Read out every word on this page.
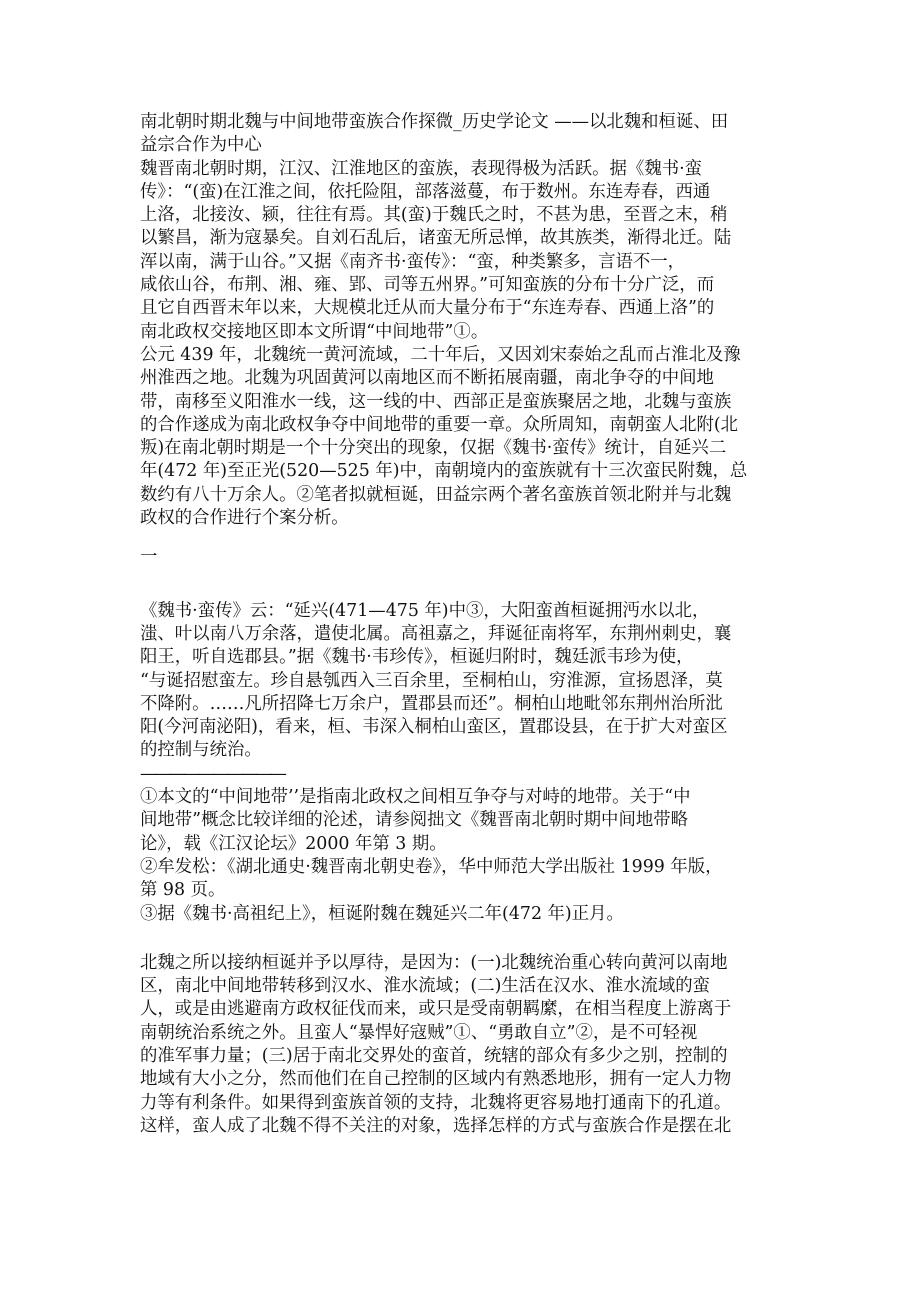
南北朝时期北魏与中间地带蛮族合作探微_历史学论文 ——以北魏和桓诞、田
益宗合作为中心
魏晋南北朝时期，江汉、江淮地区的蛮族，表现得极为活跃。据《魏书·蛮
传》：“(蛮)在江淮之间，依托险阻，部落滋蔓，布于数州。东连寿春，西通
上洛，北接汝、颍，往往有焉。其(蛮)于魏氏之时，不甚为患，至晋之末，稍
以繁昌，渐为寇暴矣。自刘石乱后，诸蛮无所忌惮，故其族类，渐得北迁。陆
浑以南，满于山谷。”又据《南齐书·蛮传》：“蛮，种类繁多，言语不一，
咸依山谷，布荆、湘、雍、郢、司等五州界。”可知蛮族的分布十分广泛，而
且它自西晋末年以来，大规模北迁从而大量分布于“东连寿春、西通上洛”的
南北政权交接地区即本文所谓“中间地带”①。
公元 439 年，北魏统一黄河流域，二十年后，又因刘宋泰始之乱而占淮北及豫
州淮西之地。北魏为巩固黄河以南地区而不断拓展南疆，南北争夺的中间地
带，南移至义阳淮水一线，这一线的中、西部正是蛮族聚居之地，北魏与蛮族
的合作遂成为南北政权争夺中间地带的重要一章。众所周知，南朝蛮人北附(北
叛)在南北朝时期是一个十分突出的现象，仅据《魏书·蛮传》统计，自延兴二
年(472 年)至正光(520—525 年)中，南朝境内的蛮族就有十三次蛮民附魏，总
数约有八十万余人。②笔者拟就桓诞，田益宗两个著名蛮族首领北附并与北魏
政权的合作进行个案分析。
一
《魏书·蛮传》云：“延兴(471—475 年)中③，大阳蛮酋桓诞拥沔水以北，
滍、叶以南八万余落，遣使北属。高祖嘉之，拜诞征南将军，东荆州刺史，襄
阳王，听自选郡县。”据《魏书·韦珍传》，桓诞归附时，魏廷派韦珍为使，
“与诞招慰蛮左。珍自悬瓠西入三百余里，至桐柏山，穷淮源，宣扬恩泽，莫
不降附。……凡所招降七万余户，置郡县而还”。桐柏山地毗邻东荆州治所沘
阳(今河南泌阳)，看来，桓、韦深入桐柏山蛮区，置郡设县，在于扩大对蛮区
的控制与统治。
——————————
①本文的“中间地带’’是指南北政权之间相互争夺与对峙的地带。关于“中
间地带”概念比较详细的沦述，请参阅拙文《魏晋南北朝时期中间地带略
论》，载《江汉论坛》2000 年第 3 期。
②牟发松：《湖北通史·魏晋南北朝史卷》，华中师范大学出版社 1999 年版，
第 98 页。
③据《魏书·高祖纪上》，桓诞附魏在魏延兴二年(472 年)正月。
北魏之所以接纳桓诞并予以厚待，是因为：(一)北魏统治重心转向黄河以南地
区，南北中间地带转移到汉水、淮水流域；(二)生活在汉水、淮水流域的蛮
人，或是由逃避南方政权征伐而来，或只是受南朝羁縻，在相当程度上游离于
南朝统治系统之外。且蛮人“暴悍好寇贼”①、“勇敢自立”②，是不可轻视
的准军事力量；(三)居于南北交界处的蛮首，统辖的部众有多少之别，控制的
地域有大小之分，然而他们在自己控制的区域内有熟悉地形，拥有一定人力物
力等有利条件。如果得到蛮族首领的支持，北魏将更容易地打通南下的孔道。
这样，蛮人成了北魏不得不关注的对象，选择怎样的方式与蛮族合作是摆在北
